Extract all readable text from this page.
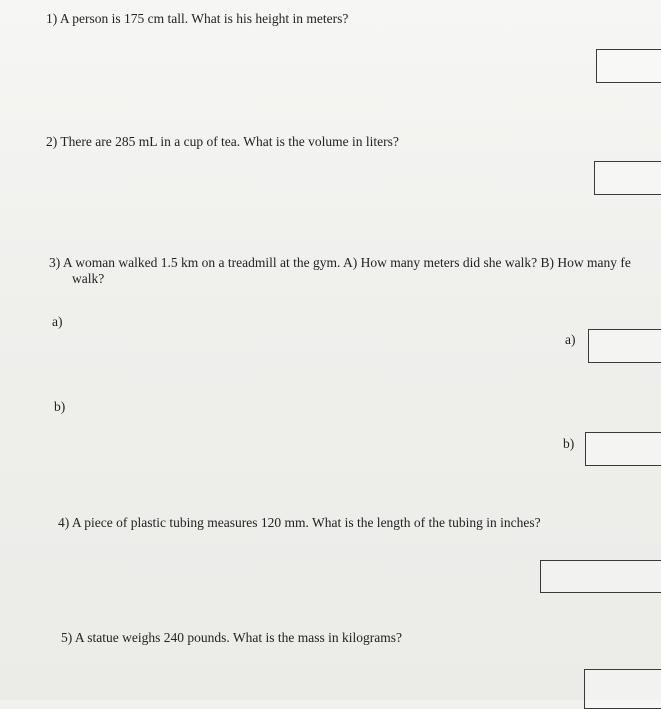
1) A person is 175 cm tall. What is his height in meters?
2) There are 285 mL in a cup of tea. What is the volume in liters?
3) A woman walked 1.5 km on a treadmill at the gym. A) How many meters did she walk? B) How many fe
walk?
a)
a)
b)
b)
4) A piece of plastic tubing measures 120 mm. What is the length of the tubing in inches?
5) A statue weighs 240 pounds. What is the mass in kilograms?
